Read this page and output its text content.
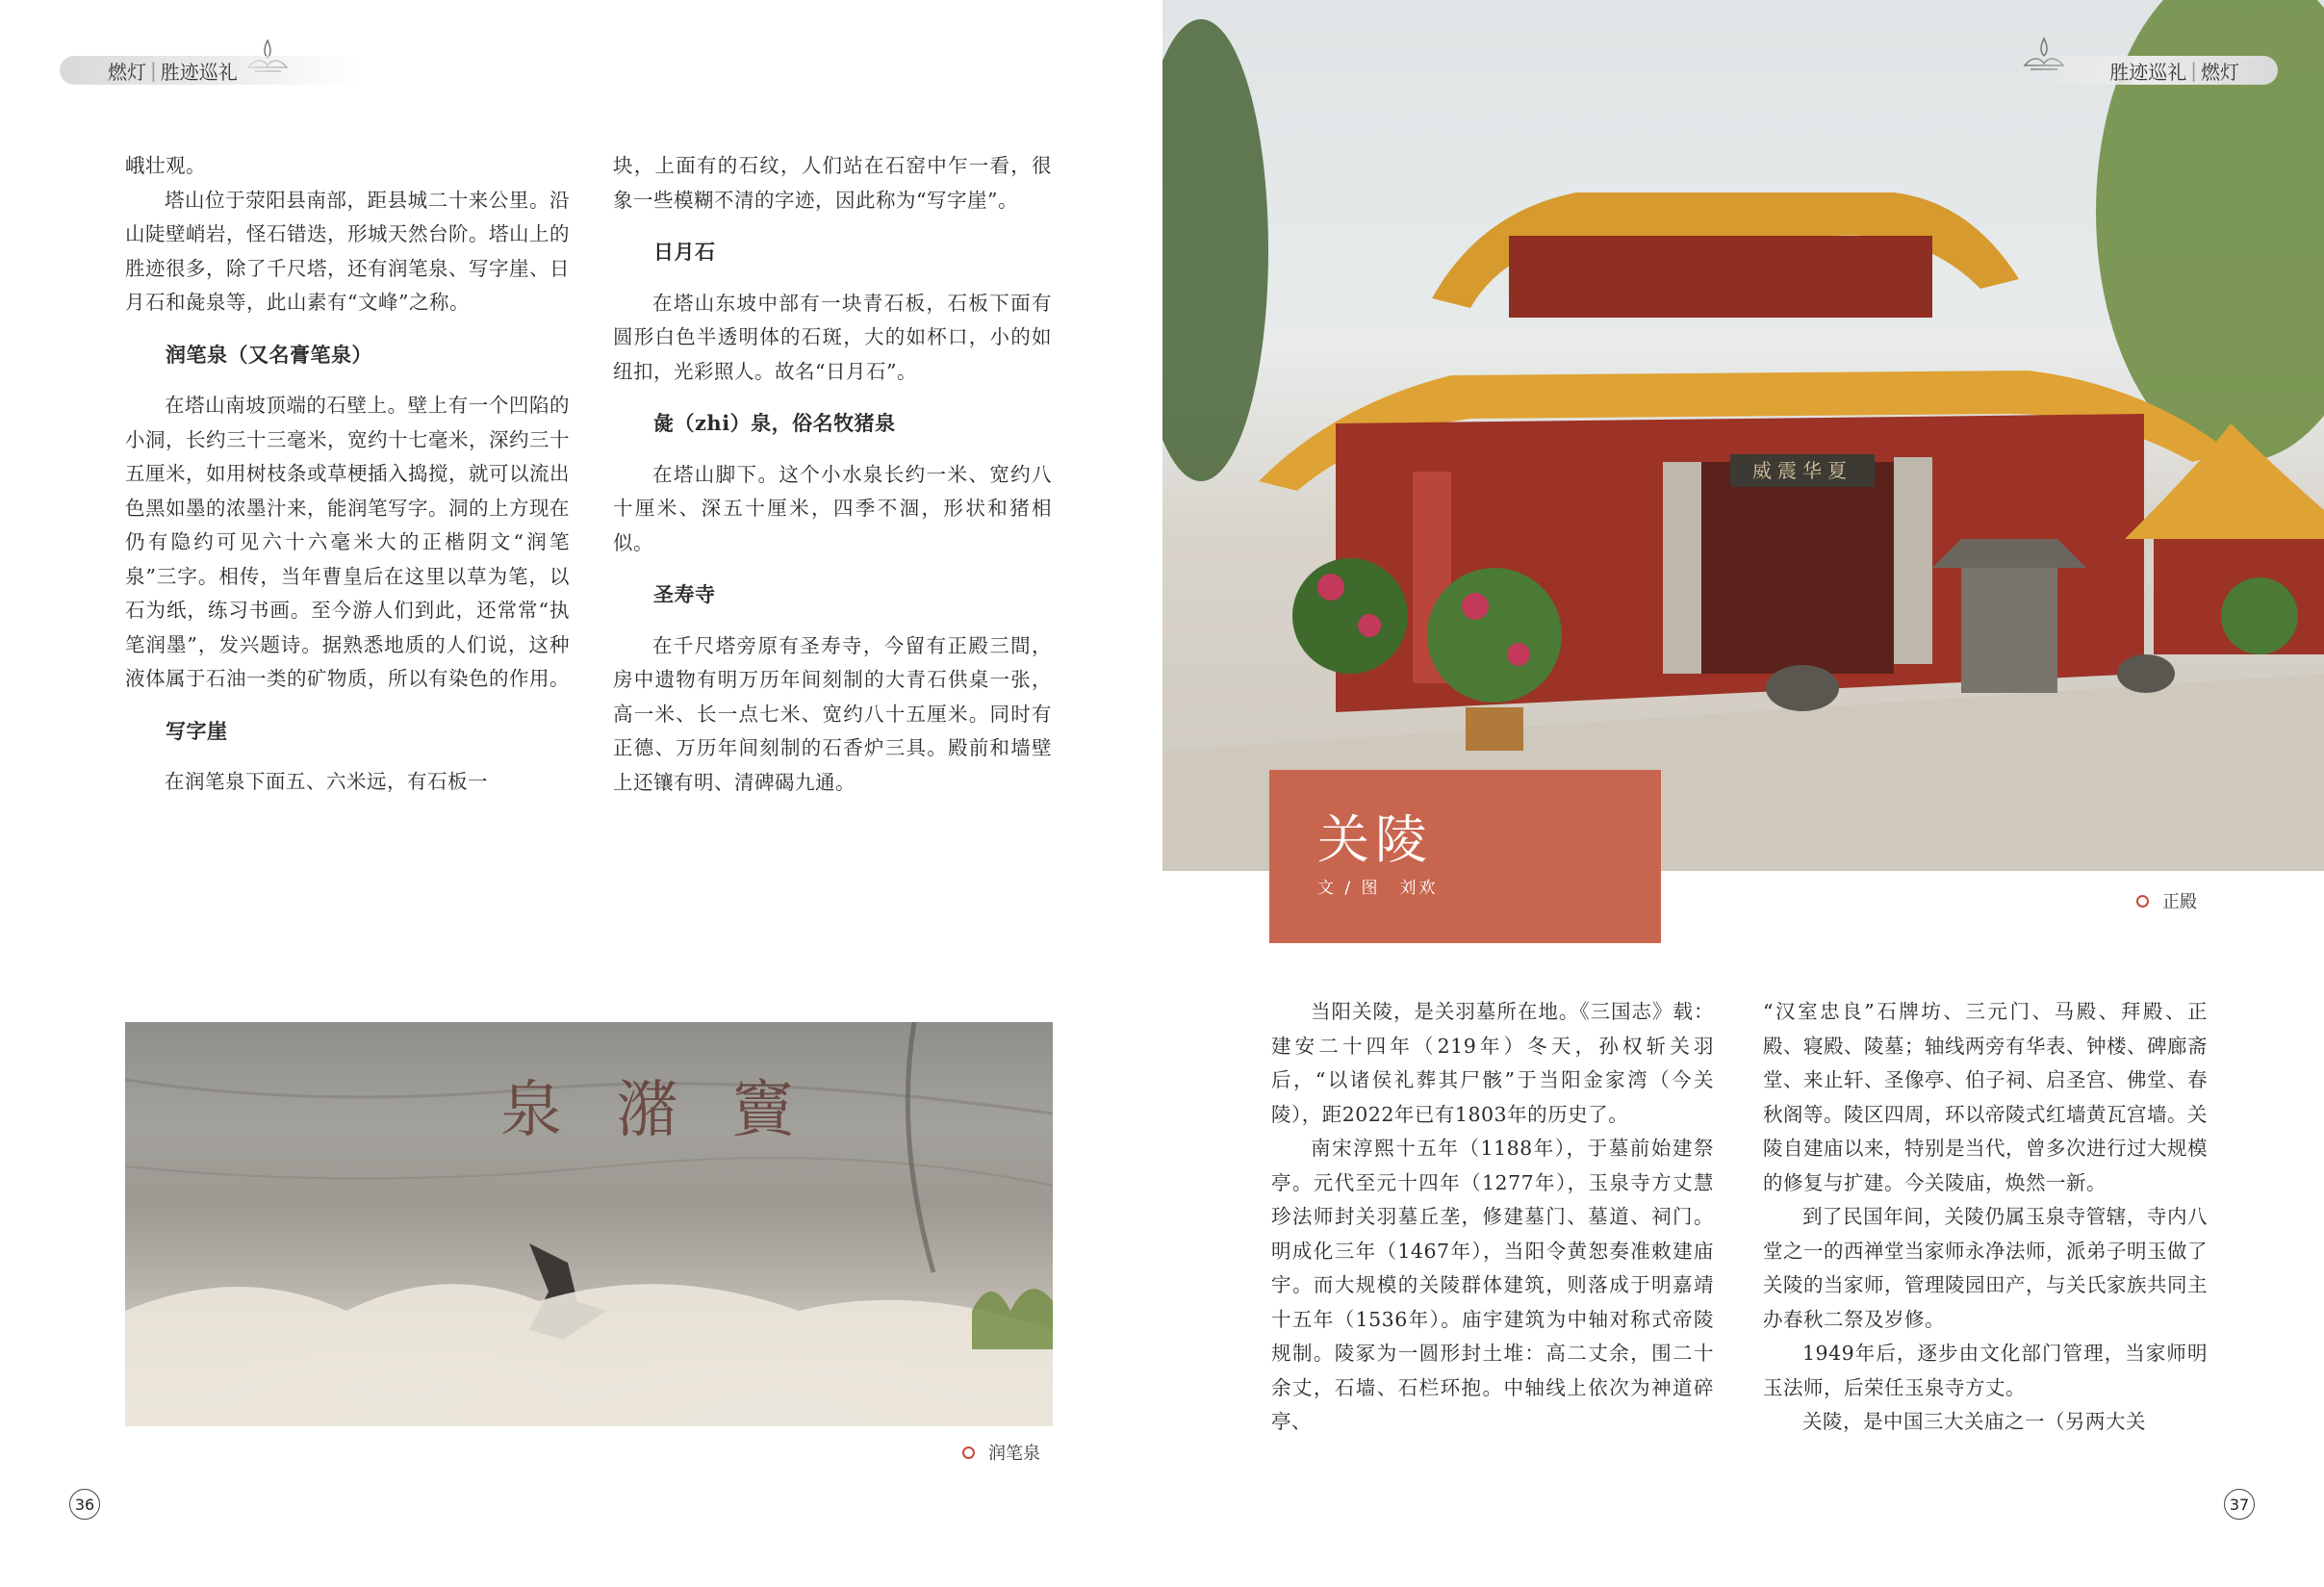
燃灯 | 胜迹巡礼

峨壮观。

塔山位于荥阳县南部，距县城二十来公里。沿山陡壁峭岩，怪石错迭，形城天然台阶。塔山上的胜迹很多，除了千尺塔，还有润笔泉、写字崖、日月石和彘泉等，此山素有“文峰”之称。

润笔泉（又名膏笔泉）

在塔山南坡顶端的石壁上。壁上有一个凹陷的小洞，长约三十三毫米，宽约十七毫米，深约三十五厘米，如用树枝条或草梗插入捣搅，就可以流出色黑如墨的浓墨汁来，能润笔写字。洞的上方现在仍有隐约可见六十六毫米大的正楷阴文“润笔泉”三字。相传，当年曹皇后在这里以草为笔，以石为纸，练习书画。至今游人们到此，还常常“执笔润墨”，发兴题诗。据熟悉地质的人们说，这种液体属于石油一类的矿物质，所以有染色的作用。

写字崖

在润笔泉下面五、六米远，有石板一

块，上面有的石纹，人们站在石窑中乍一看，很象一些模糊不清的字迹，因此称为“写字崖”。

日月石

在塔山东坡中部有一块青石板，石板下面有圆形白色半透明体的石斑，大的如杯口，小的如纽扣，光彩照人。故名“日月石”。

彘（zhi）泉，俗名牧猪泉

在塔山脚下。这个小水泉长约一米、宽约八十厘米、深五十厘米，四季不涸，形状和猪相似。

圣寿寺

在千尺塔旁原有圣寿寺，今留有正殿三間，房中遗物有明万历年间刻制的大青石供桌一张，高一米、长一点七米、宽约八十五厘米。同时有正德、万历年间刻制的石香炉三具。殿前和墙壁上还镶有明、清碑碣九通。

泉 潴 竇
润笔泉
36
威震华夏
胜迹巡礼 | 燃灯
关陵
文 / 图　刘欢
正殿

当阳关陵，是关羽墓所在地。《三国志》载：建安二十四年（219年）冬天，孙权斩关羽后，“以诸侯礼葬其尸骸”于当阳金家湾（今关陵），距2022年已有1803年的历史了。

南宋淳熙十五年（1188年），于墓前始建祭亭。元代至元十四年（1277年），玉泉寺方丈慧珍法师封关羽墓丘垄，修建墓门、墓道、祠门。明成化三年（1467年），当阳令黄恕奏准敕建庙宇。而大规模的关陵群体建筑，则落成于明嘉靖十五年（1536年）。庙宇建筑为中轴对称式帝陵规制。陵冢为一圆形封土堆：高二丈余，围二十余丈，石墙、石栏环抱。中轴线上依次为神道碎亭、

“汉室忠良”石牌坊、三元门、马殿、拜殿、正殿、寝殿、陵墓；轴线两旁有华表、钟楼、碑廊斋堂、来止轩、圣像亭、伯子祠、启圣宫、佛堂、春秋阁等。陵区四周，环以帝陵式红墙黄瓦宫墙。关陵自建庙以来，特别是当代，曾多次进行过大规模的修复与扩建。今关陵庙，焕然一新。

到了民国年间，关陵仍属玉泉寺管辖，寺内八堂之一的西禅堂当家师永净法师，派弟子明玉做了关陵的当家师，管理陵园田产，与关氏家族共同主办春秋二祭及岁修。

1949年后，逐步由文化部门管理，当家师明玉法师，后荣任玉泉寺方丈。

关陵，是中国三大关庙之一（另两大关

37
